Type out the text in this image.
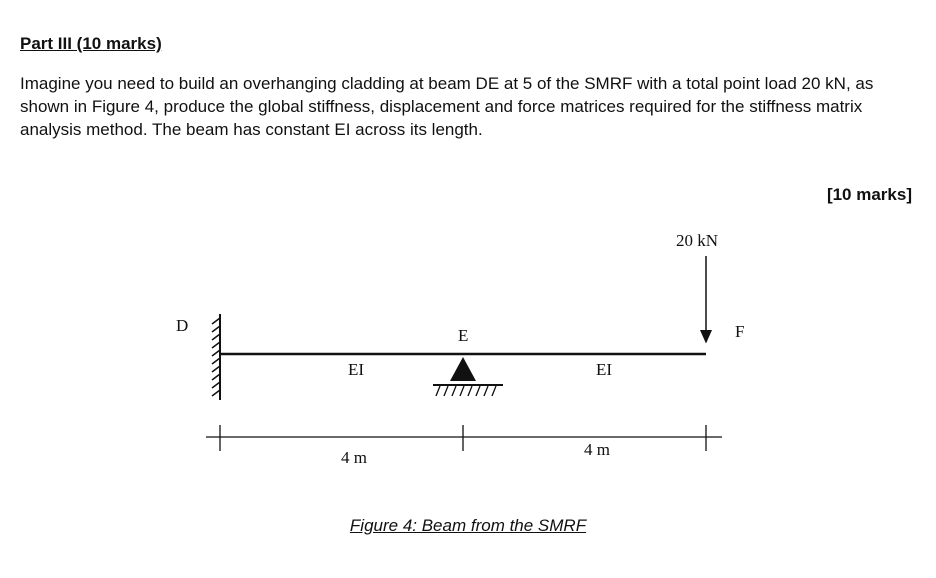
Part III (10 marks)

Imagine you need to build an overhanging cladding at beam DE at 5 of the SMRF with a total point load 20 kN, as shown in Figure 4, produce the global stiffness, displacement and force matrices required for the stiffness matrix analysis method. The beam has constant EI across its length.

[10 marks]
20 kN
D
E	F
EI	EI
4 m	4 m
Figure 4: Beam from the SMRF
